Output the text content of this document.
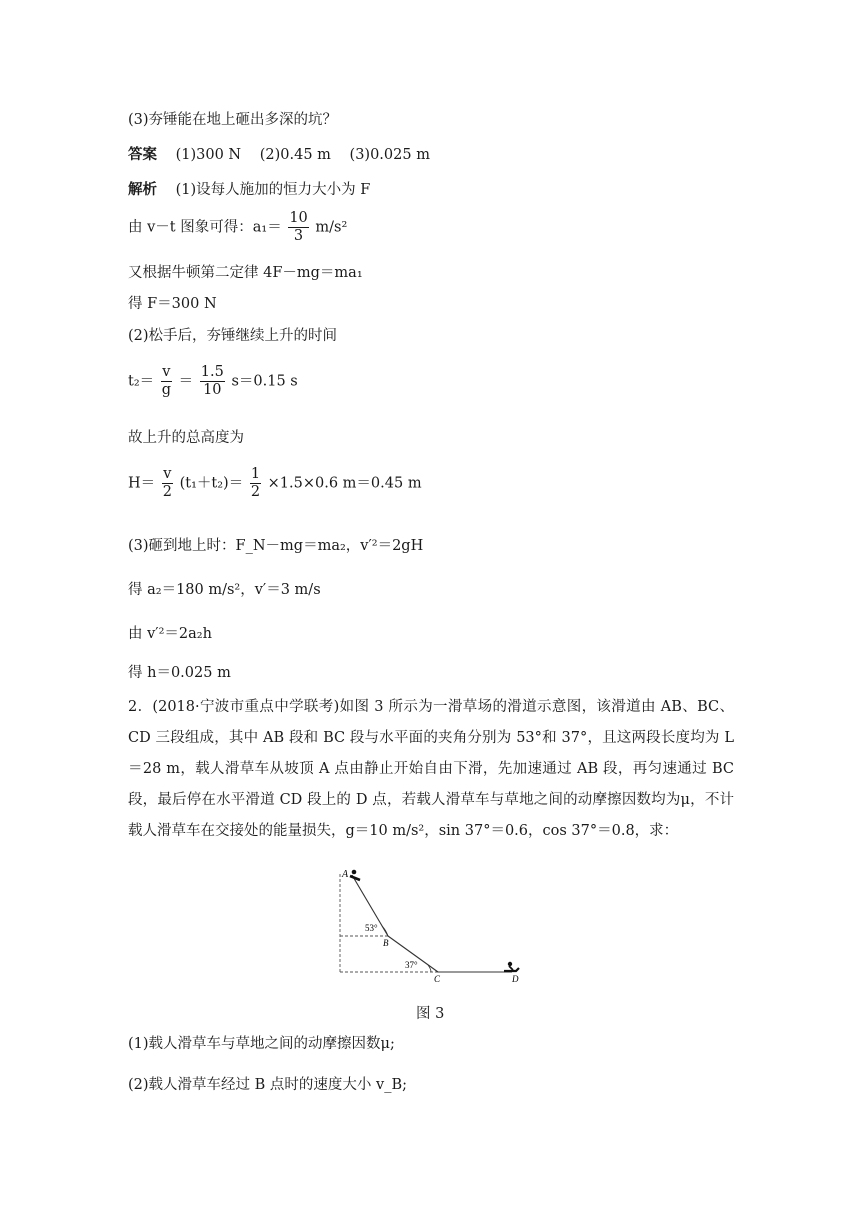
(3)夯锤能在地上砸出多深的坑？
答案 (1)300 N (2)0.45 m (3)0.025 m
解析 (1)设每人施加的恒力大小为 F
由 v－t 图象可得：$a_1= \frac{10}{3} m/s^2$
又根据牛顿第二定律 4F－mg＝ma₁
得 F＝300 N
(2)松手后，夯锤继续上升的时间
$t_2= \frac{v}{g} = \frac{1.5}{10} s=0.15$ s
故上升的总高度为
$H= \frac{v}{2} (t_1+t_2)= \frac{1}{2} \times 1.5\times 0.6$ m＝0.45 m
(3)砸到地上时：F_N－mg＝ma₂，v′²＝2gH
得 a₂＝180 m/s²，v′＝3 m/s
由 v′²＝2a₂h
得 h＝0.025 m
2．(2018·宁波市重点中学联考)如图 3 所示为一滑草场的滑道示意图，该滑道由 AB、BC、CD 三段组成，其中 AB 段和 BC 段与水平面的夹角分别为 53°和 37°，且这两段长度均为 L＝28 m，载人滑草车从坡顶 A 点由静止开始自由下滑，先加速通过 AB 段，再匀速通过 BC 段，最后停在水平滑道 CD 段上的 D 点，若载人滑草车与草地之间的动摩擦因数均为μ，不计载人滑草车在交接处的能量损失，g＝10 m/s²，sin 37°＝0.6，cos 37°＝0.8，求：
A
53°
B
37°
C	D
图 3
(1)载人滑草车与草地之间的动摩擦因数μ;
(2)载人滑草车经过 B 点时的速度大小 v_B;
